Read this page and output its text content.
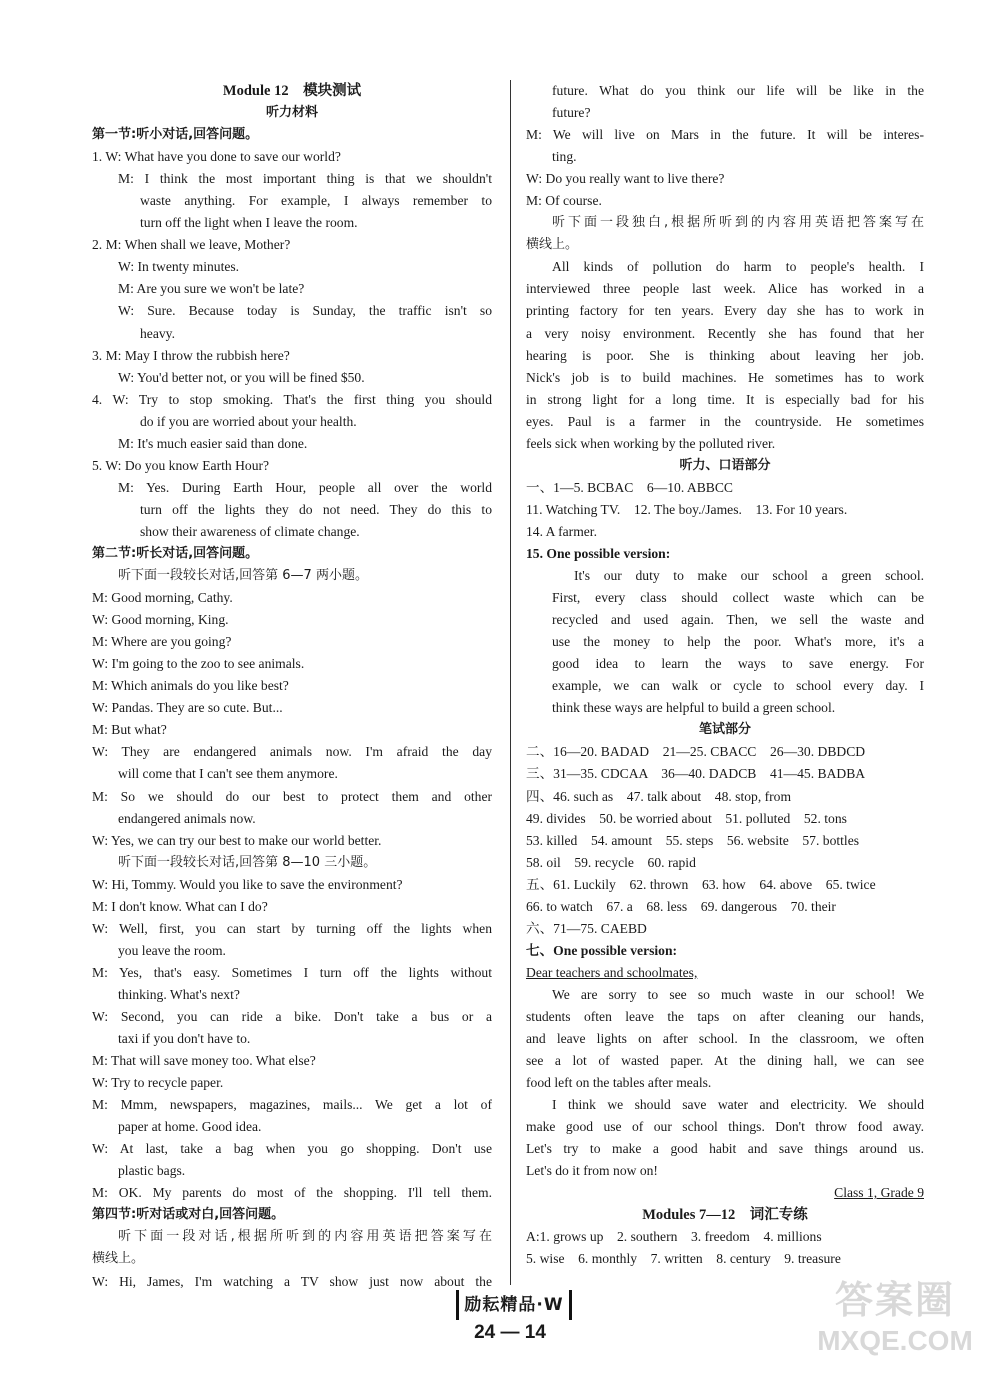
Module 12　模块测试
听力材料
第一节:听小对话,回答问题。
1. W: What have you done to save our world?
M: I think the most important thing is that we shouldn't
waste anything. For example, I always remember to
turn off the light when I leave the room.
2. M: When shall we leave, Mother?
W: In twenty minutes.
M: Are you sure we won't be late?
W: Sure. Because today is Sunday, the traffic isn't so
heavy.
3. M: May I throw the rubbish here?
W: You'd better not, or you will be fined $50.
4. W: Try to stop smoking. That's the first thing you should
do if you are worried about your health.
M: It's much easier said than done.
5. W: Do you know Earth Hour?
M: Yes. During Earth Hour, people all over the world
turn off the lights they do not need. They do this to
show their awareness of climate change.
第二节:听长对话,回答问题。
听下面一段较长对话,回答第 6—7 两小题。
M: Good morning, Cathy.
W: Good morning, King.
M: Where are you going?
W: I'm going to the zoo to see animals.
M: Which animals do you like best?
W: Pandas. They are so cute. But...
M: But what?
W: They are endangered animals now. I'm afraid the day
will come that I can't see them anymore.
M: So we should do our best to protect them and other
endangered animals now.
W: Yes, we can try our best to make our world better.
听下面一段较长对话,回答第 8—10 三小题。
W: Hi, Tommy. Would you like to save the environment?
M: I don't know. What can I do?
W: Well, first, you can start by turning off the lights when
you leave the room.
M: Yes, that's easy. Sometimes I turn off the lights without
thinking. What's next?
W: Second, you can ride a bike. Don't take a bus or a
taxi if you don't have to.
M: That will save money too. What else?
W: Try to recycle paper.
M: Mmm, newspapers, magazines, mails... We get a lot of
paper at home. Good idea.
W: At last, take a bag when you go shopping. Don't use
plastic bags.
M: OK. My parents do most of the shopping. I'll tell them.
第四节:听对话或对白,回答问题。
听下面一段对话,根据所听到的内容用英语把答案写在
横线上。
W: Hi, James, I'm watching a TV show just now about the
future. What do you think our life will be like in the
future?
M: We will live on Mars in the future. It will be interes-
ting.
W: Do you really want to live there?
M: Of course.
听下面一段独白,根据所听到的内容用英语把答案写在
横线上。
All kinds of pollution do harm to people's health. I
interviewed three people last week. Alice has worked in a
printing factory for ten years. Every day she has to work in
a very noisy environment. Recently she has found that her
hearing is poor. She is thinking about leaving her job.
Nick's job is to build machines. He sometimes has to work
in strong light for a long time. It is especially bad for his
eyes. Paul is a farmer in the countryside. He sometimes
feels sick when working by the polluted river.
听力、口语部分
一、1—5. BCBAC　6—10. ABBCC
11. Watching TV.　12. The boy./James.　13. For 10 years.
14. A farmer.
15. One possible version:
It's our duty to make our school a green school.
First, every class should collect waste which can be
recycled and used again. Then, we sell the waste and
use the money to help the poor. What's more, it's a
good idea to learn the ways to save energy. For
example, we can walk or cycle to school every day. I
think these ways are helpful to build a green school.
笔试部分
二、16—20. BADAD　21—25. CBACC　26—30. DBDCD
三、31—35. CDCAA　36—40. DADCB　41—45. BADBA
四、46. such as　47. talk about　48. stop, from
49. divides　50. be worried about　51. polluted　52. tons
53. killed　54. amount　55. steps　56. website　57. bottles
58. oil　59. recycle　60. rapid
五、61. Luckily　62. thrown　63. how　64. above　65. twice
66. to watch　67. a　68. less　69. dangerous　70. their
六、71—75. CAEBD
七、One possible version:
Dear teachers and schoolmates,
We are sorry to see so much waste in our school! We
students often leave the taps on after cleaning our hands,
and leave lights on after school. In the classroom, we often
see a lot of wasted paper. At the dining hall, we can see
food left on the tables after meals.
I think we should save water and electricity. We should
make good use of our school things. Don't throw food away.
Let's try to make a good habit and save things around us.
Let's do it from now on!
Class 1, Grade 9
Modules 7—12　词汇专练
A:1. grows up　2. southern　3. freedom　4. millions
5. wise　6. monthly　7. written　8. century　9. treasure
励耘精品·W
24 — 14
答案圈
MXQE.COM
